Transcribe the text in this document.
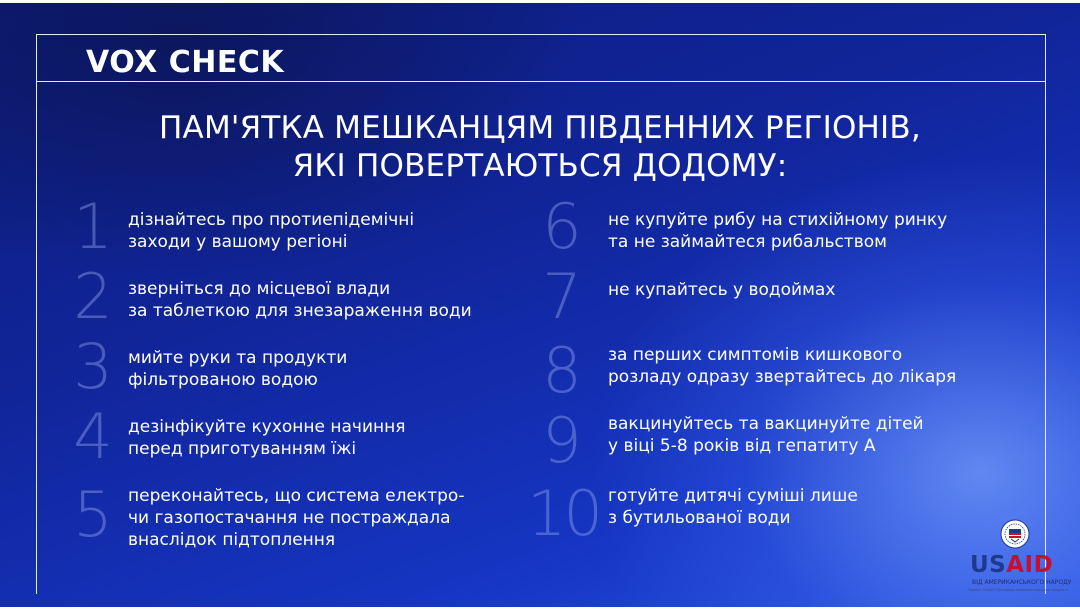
VOX CHECK
ПАМ'ЯТКА МЕШКАНЦЯМ ПІВДЕННИХ РЕГІОНІВ,
ЯКІ ПОВЕРТАЮТЬСЯ ДОДОМУ:
1 дізнайтесь про протиепідемічні
заходи у вашому регіоні
2 зверніться до місцевої влади
за таблеткою для знезараження води
3 мийте руки та продукти
фільтрованою водою
4 дезінфікуйте кухонне начиння
перед приготуванням їжі
5 переконайтесь, що система електро-
чи газопостачання не постраждала
внаслідок підтоплення
6	не купуйте рибу на стихійному ринку
та не займайтеся рибальством
7	не купайтесь у водоймах
8	за перших симптомів кишкового
розладу одразу звертайтесь до лікаря
9	вакцинуйтесь та вакцинуйте дітей
у віці 5-8 років від гепатиту А
10 готуйте дитячі суміші лише
з бутильованої води
USAID
ВІД АМЕРИКАНСЬКОГО НАРОДУ
Проект USAID Підтримка реформи охорони здоров'я
